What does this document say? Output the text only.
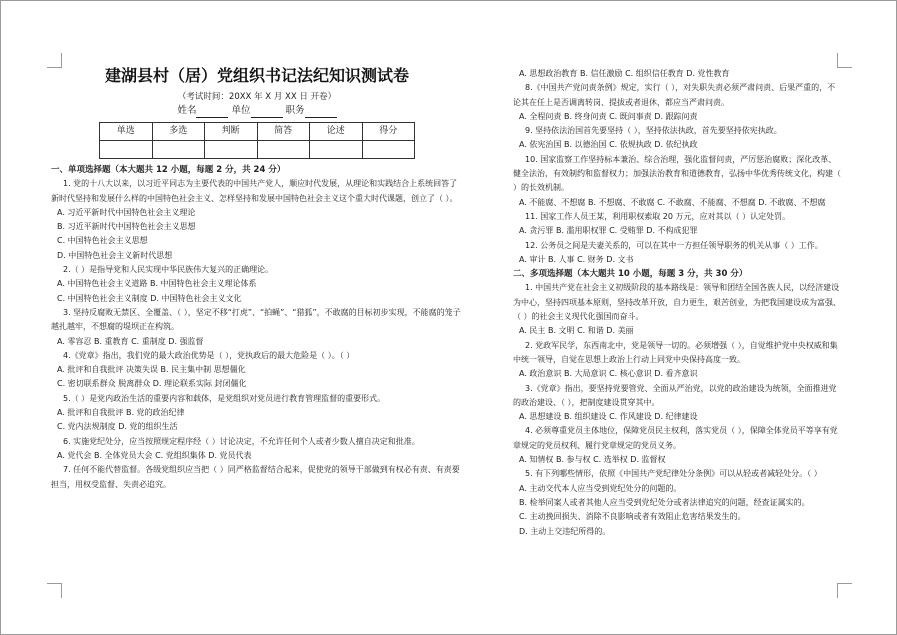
建湖县村（居）党组织书记法纪知识测试卷
（考试时间：20XX 年 X 月 XX 日 开卷）
姓名	单位	职务
单选	多选	判断	简答	论述	得分

一、单项选择题（本大题共 12 小题，每题 2 分，共 24 分）

1. 党的十八大以来，以习近平同志为主要代表的中国共产党人，顺应时代发展，从理论和实践结合上系统回答了新时代坚持和发展什么样的中国特色社会主义、怎样坚持和发展中国特色社会主义这个重大时代课题，创立了（ ）。

A. 习近平新时代中国特色社会主义理论

B. 习近平新时代中国特色社会主义思想

C. 中国特色社会主义思想

D. 中国特色社会主义新时代思想

2.（ ）是指导党和人民实现中华民族伟大复兴的正确理论。

A. 中国特色社会主义道路 B. 中国特色社会主义理论体系

C. 中国特色社会主义制度 D. 中国特色社会主义文化

3. 坚持反腐败无禁区、全覆盖、（ ），坚定不移“打虎”、“拍蝇”、“猎狐”，不敢腐的目标初步实现，不能腐的笼子越扎越牢，不想腐的堤坝正在构筑。

A. 零容忍 B. 重教育 C. 重制度 D. 强监督

4.《党章》指出，我们党的最大政治优势是（ ），党执政后的最大危险是（ ）。（ ）

A. 批评和自我批评 决策失误 B. 民主集中制 思想僵化

C. 密切联系群众 脱离群众 D. 理论联系实际 封闭僵化

5.（ ）是党内政治生活的重要内容和载体，是党组织对党员进行教育管理监督的重要形式。

A. 批评和自我批评 B. 党的政治纪律

C. 党内法规制度 D. 党的组织生活

6. 实施党纪处分，应当按照规定程序经（ ）讨论决定，不允许任何个人或者少数人擅自决定和批准。

A. 党代会 B. 全体党员大会 C. 党组织集体 D. 党员代表

7. 任何不能代替监督。各级党组织应当把（ ）同严格监督结合起来，促使党的领导干部做到有权必有责、有责要担当，用权受监督、失责必追究。

A. 思想政治教育 B. 信任激励 C. 组织信任教育 D. 党性教育

8.《中国共产党问责条例》规定，实行（ ），对失职失责必须严肃问责、后果严重的，不论其在任上是否调离转岗、提拔或者退休，都应当严肃问责。

A. 全程问责 B. 终身问责 C. 既问事责 D. 跟踪问责

9. 坚持依法治国首先要坚持（ ），坚持依法执政，首先要坚持依宪执政。

A. 依宪治国 B. 以德治国 C. 依规执政 D. 依纪执政

10. 国家监察工作坚持标本兼治、综合治理，强化监督问责，严厉惩治腐败；深化改革、健全法治，有效制约和监督权力；加强法治教育和道德教育，弘扬中华优秀传统文化，构建（ ）的长效机制。

A. 不能腐、不想腐 B. 不想腐、不敢腐 C. 不敢腐、不能腐、不想腐 D. 不敢腐、不想腐

11. 国家工作人员王某，利用职权索取 20 万元，应对其以（ ）认定处罚。

A. 贪污罪 B. 滥用职权罪 C. 受贿罪 D. 不构成犯罪

12. 公务员之间是夫妻关系的，可以在其中一方担任领导职务的机关从事（ ）工作。

A. 审计 B. 人事 C. 财务 D. 文书

二、多项选择题（本大题共 10 小题，每题 3 分，共 30 分）

1. 中国共产党在社会主义初级阶段的基本路线是：领导和团结全国各族人民，以经济建设为中心，坚持四项基本原则，坚持改革开放，自力更生，艰苦创业，为把我国建设成为富强、（ ）的社会主义现代化强国而奋斗。

A. 民主 B. 文明 C. 和谐 D. 美丽

2. 党政军民学，东西南北中，党是领导一切的。必须增强（ ），自觉维护党中央权威和集中统一领导，自觉在思想上政治上行动上同党中央保持高度一致。

A. 政治意识 B. 大局意识 C. 核心意识 D. 看齐意识

3.《党章》指出，要坚持党要管党、全面从严治党，以党的政治建设为统领，全面推进党的政治建设、（ ），把制度建设贯穿其中。

A. 思想建设 B. 组织建设 C. 作风建设 D. 纪律建设

4. 必须尊重党员主体地位，保障党员民主权利，落实党员（ ），保障全体党员平等享有党章规定的党员权利、履行党章规定的党员义务。

A. 知情权 B. 参与权 C. 选举权 D. 监督权

5. 有下列哪些情形，依照《中国共产党纪律处分条例》可以从轻或者减轻处分。（ ）

A. 主动交代本人应当受到党纪处分的问题的。

B. 检举同案人或者其他人应当受到党纪处分或者法律追究的问题，经查证属实的。

C. 主动挽回损失、消除不良影响或者有效阻止危害结果发生的。

D. 主动上交违纪所得的。
